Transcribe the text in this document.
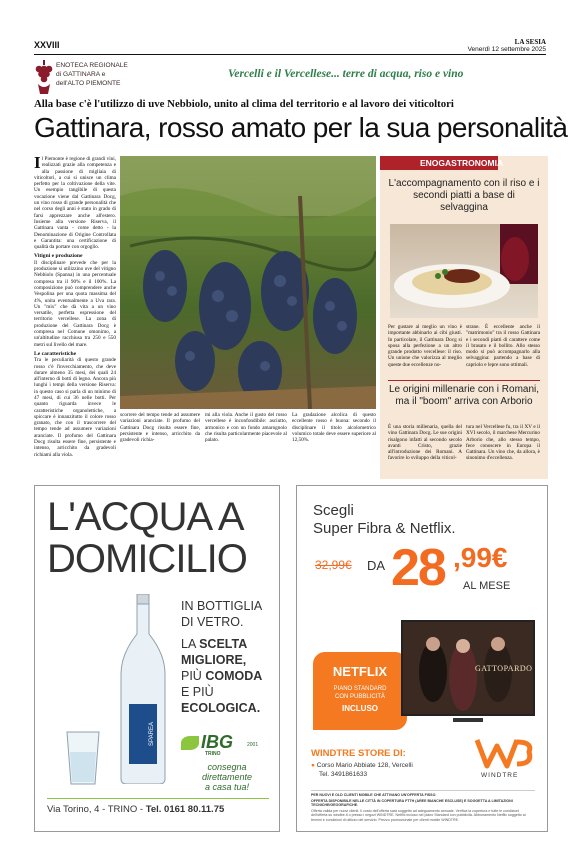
XXVIII	LA SESIA
Venerdì 12 settembre 2025
ENOTECA REGIONALE
di GATTINARA e
dell'ALTO PIEMONTE
Vercelli e il Vercellese... terre di acqua, riso e vino
Alla base c'è l'utilizzo di uve Nebbiolo, unito al clima del territorio e al lavoro dei viticoltori
Gattinara, rosso amato per la sua personalità
Il Piemonte è regione di grandi vini, realizzati grazie alla competenza e alla passione di migliaia di viticoltori, a cui si unisce un clima perfetto per la coltivazione della vite. Un esempio tangibile di questa vocazione viene dal Gattinara Docg, un vino rosso di grande personalità che nel corso degli anni è stato in grado di farsi apprezzare anche all'estero. Insieme alla versione Riserva, il Gattinara vanta - come detto - la Denominazione di Origine Controllata e Garantita: una certificazione di qualità da portare con orgoglio.
Vitigni e produzione
Il disciplinare prevede che per la produzione si utilizzino uve del vitigno Nebbiolo (Spanna) in una percentuale compresa tra il 90% e il 100%. La composizione può comprendere anche Vespolina per una quota massima del 4%, unita eventualmente a Uva rara. Un "mix" che dà vita a un vino versatile, perfetta espressione del territorio vercellese. La zona di produzione del Gattinara Docg è compresa nel Comune omonimo, a un'altitudine racchiusa tra 250 e 550 metri sul livello del mare.
Le caratteristiche
Tra le peculiarità di questo grande rosso c'è l'invecchiamento, che deve durare almeno 35 mesi, dei quali 24 all'interno di botti di legno. Ancora più lunghi i tempi della versione Riserva: in questo caso si parla di un minimo di 47 mesi, di cui 36 nelle botti. Per quanto riguarda invece le caratteristiche organolettiche, a spiccare è innanzitutto il colore rosso granato, che con il trascorrere del tempo tende ad assumere variazioni aranciate. Il profumo del Gattinara Docg risulta essere fine, persistente e intenso, arricchito da gradevoli richiami alla viola.
scorrere del tempo tende ad assumere variazioni aranciate. Il profumo del Gattinara Docg risulta essere fine, persistente e intenso, arricchito da gradevoli richia-
mi alla viola. Anche il gusto del rosso vercellese è inconfondibile: asciutto, armonico e con un fondo amarognolo che risulta particolarmente piacevole al palato.
La gradazione alcolica di questo eccellente rosso è buona: secondo il disciplinare il titolo alcolometrico volumico totale deve essere superiore al 12,50%.
ENOGASTRONOMIA
L'accompagnamento con il riso e i secondi piatti a base di selvaggina
Per gustare al meglio un vino è importante abbinarlo ai cibi giusti. In particolare, il Gattinara Docg si sposa alla perfezione a un altro grande prodotto vercellese: il riso. Un unione che valorizza al meglio queste due eccellenze no-
strane. È eccellente anche il "matrimonio" tra il rosso Gattinara e i secondi piatti di carattere come il brasato e il bollito. Allo stesso modo si può accompagnarlo alla selvaggina: partendo a base di capriolo e lepre sono ottimali.
Le origini millenarie con i Romani, ma il "boom" arriva con Arborio
È una storia millenaria, quella del vino Gattinara Docg. Le sue origini risalgono infatti al secondo secolo avanti Cristo, grazie all'introduzione dei Romani. A favorire lo sviluppo della viticol-
tura nel Vercellese fu, tra il XV e il XVI secolo, il marchese Mercurino Arborio che, allo stesso tempo, fece conoscere in Europa il Gattinara. Un vino che, da allora, è sinonimo d'eccellenza.
L'ACQUA A DOMICILIO
SPAREA
IN BOTTIGLIA
DI VETRO.
LA SCELTA
MIGLIORE,
PIÙ COMODA
E PIÙ
ECOLOGICA.
IBG	2001
TRINO
consegna
direttamente
a casa tua!
Via Torino, 4 - TRINO - Tel. 0161 80.11.75
Scegli
Super Fibra & Netflix.
32,99€ DA 28 ,99€
AL MESE
NETFLIX
PIANO STANDARD
CON PUBBLICITÀ
INCLUSO
GATTOPARDO
WINDTRE STORE DI:
● Corso Mario Abbiate 128, Vercelli
Tel. 3491861633	WINDTRE
PER NUOVI E OLD CLIENTI MOBILE CHE ATTIVANO UN'OFFERTA FISSO.
OFFERTA DISPONIBILE NELLE CITTÀ IN COPERTURA FTTH (AREE BIANCHE ESCLUSE) E SOGGETTA A LIMITAZIONI TECNICHE/GEOGRAFICHE.
Offerta valida per nuovi clienti. Il costo dell'offerta sarà soggetto ad adeguamento annuale. Verifica la copertura e tutte le condizioni dell'offerta su windtre.it o presso i negozi WINDTRE. Netflix incluso nel piano Standard con pubblicità. Abbonamento Netflix soggetto ai termini e condizioni di utilizzo del servizio. Prezzo promozionale per clienti mobile WINDTRE.
